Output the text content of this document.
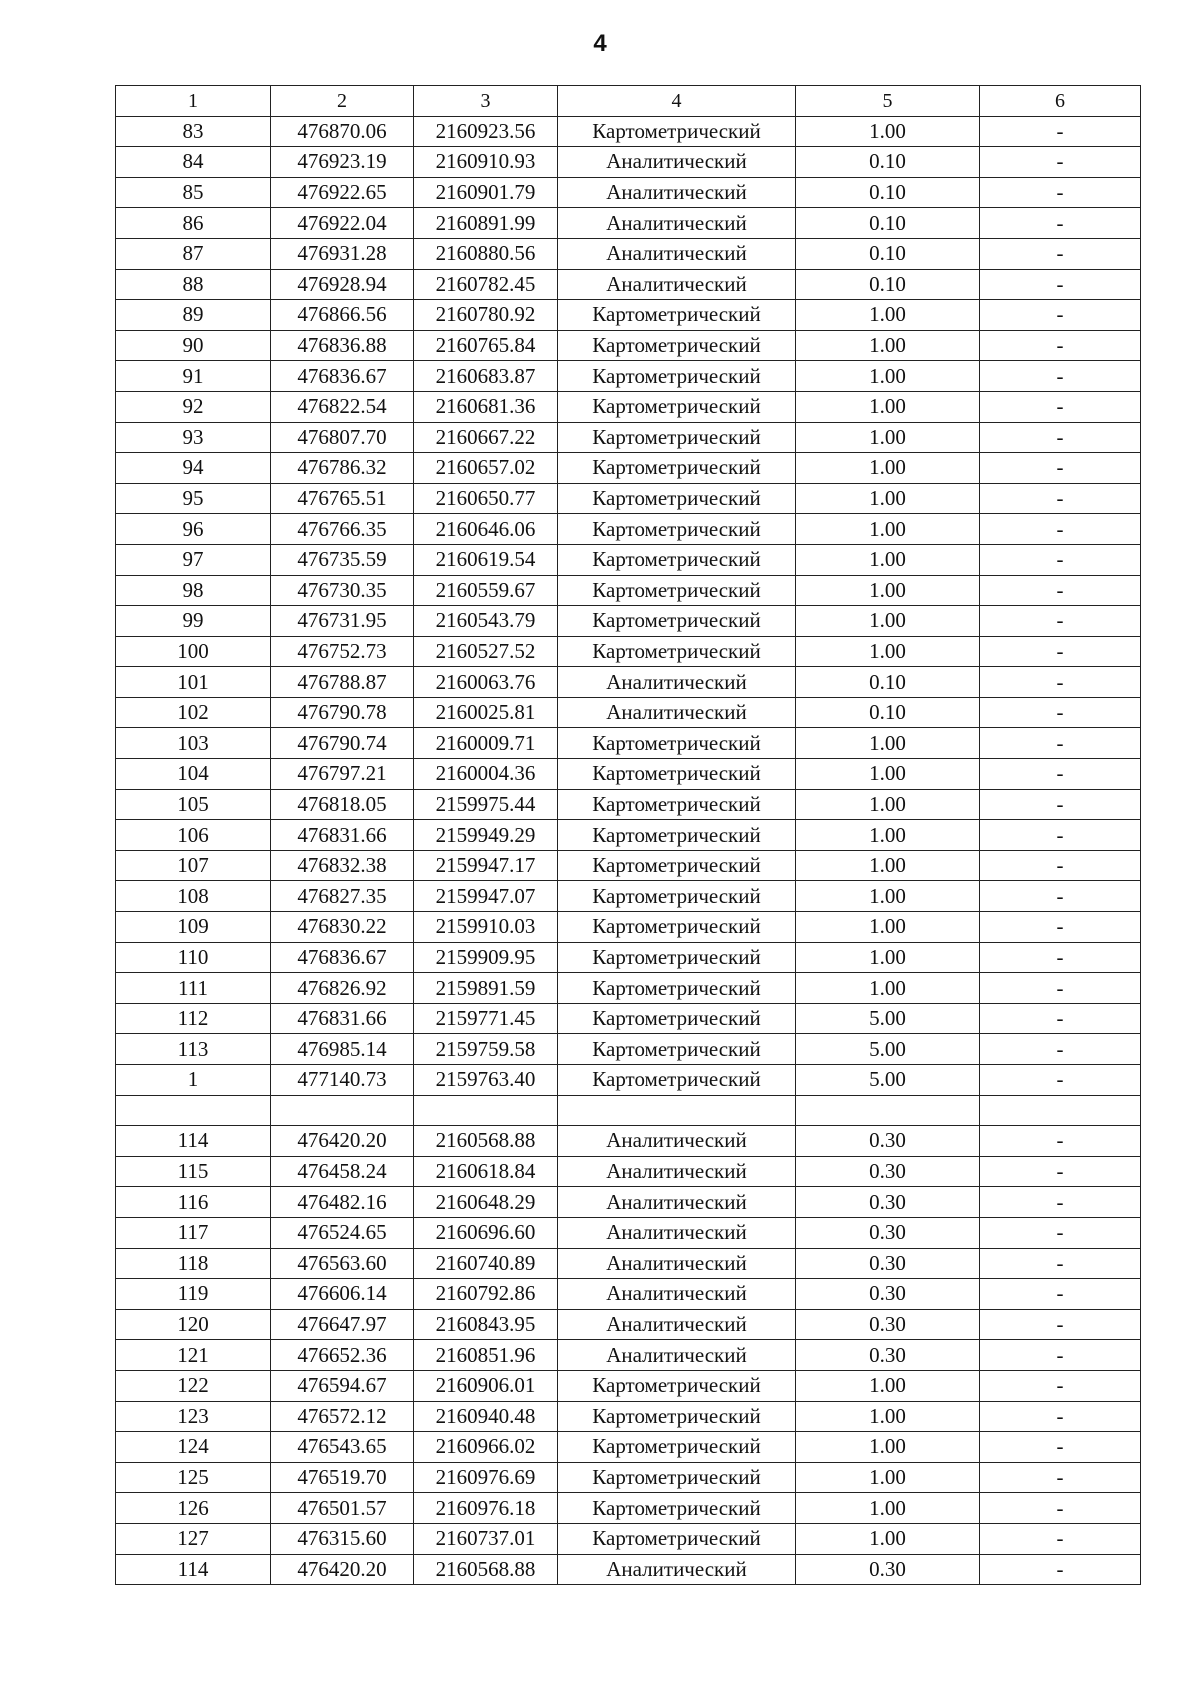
4
1	2	3	4	5	6
83	476870.06	2160923.56	Картометрический	1.00	-
84	476923.19	2160910.93	Аналитический	0.10	-
85	476922.65	2160901.79	Аналитический	0.10	-
86	476922.04	2160891.99	Аналитический	0.10	-
87	476931.28	2160880.56	Аналитический	0.10	-
88	476928.94	2160782.45	Аналитический	0.10	-
89	476866.56	2160780.92	Картометрический	1.00	-
90	476836.88	2160765.84	Картометрический	1.00	-
91	476836.67	2160683.87	Картометрический	1.00	-
92	476822.54	2160681.36	Картометрический	1.00	-
93	476807.70	2160667.22	Картометрический	1.00	-
94	476786.32	2160657.02	Картометрический	1.00	-
95	476765.51	2160650.77	Картометрический	1.00	-
96	476766.35	2160646.06	Картометрический	1.00	-
97	476735.59	2160619.54	Картометрический	1.00	-
98	476730.35	2160559.67	Картометрический	1.00	-
99	476731.95	2160543.79	Картометрический	1.00	-
100	476752.73	2160527.52	Картометрический	1.00	-
101	476788.87	2160063.76	Аналитический	0.10	-
102	476790.78	2160025.81	Аналитический	0.10	-
103	476790.74	2160009.71	Картометрический	1.00	-
104	476797.21	2160004.36	Картометрический	1.00	-
105	476818.05	2159975.44	Картометрический	1.00	-
106	476831.66	2159949.29	Картометрический	1.00	-
107	476832.38	2159947.17	Картометрический	1.00	-
108	476827.35	2159947.07	Картометрический	1.00	-
109	476830.22	2159910.03	Картометрический	1.00	-
110	476836.67	2159909.95	Картометрический	1.00	-
111	476826.92	2159891.59	Картометрический	1.00	-
112	476831.66	2159771.45	Картометрический	5.00	-
113	476985.14	2159759.58	Картометрический	5.00	-
1	477140.73	2159763.40	Картометрический	5.00	-

114	476420.20	2160568.88	Аналитический	0.30	-
115	476458.24	2160618.84	Аналитический	0.30	-
116	476482.16	2160648.29	Аналитический	0.30	-
117	476524.65	2160696.60	Аналитический	0.30	-
118	476563.60	2160740.89	Аналитический	0.30	-
119	476606.14	2160792.86	Аналитический	0.30	-
120	476647.97	2160843.95	Аналитический	0.30	-
121	476652.36	2160851.96	Аналитический	0.30	-
122	476594.67	2160906.01	Картометрический	1.00	-
123	476572.12	2160940.48	Картометрический	1.00	-
124	476543.65	2160966.02	Картометрический	1.00	-
125	476519.70	2160976.69	Картометрический	1.00	-
126	476501.57	2160976.18	Картометрический	1.00	-
127	476315.60	2160737.01	Картометрический	1.00	-
114	476420.20	2160568.88	Аналитический	0.30	-
